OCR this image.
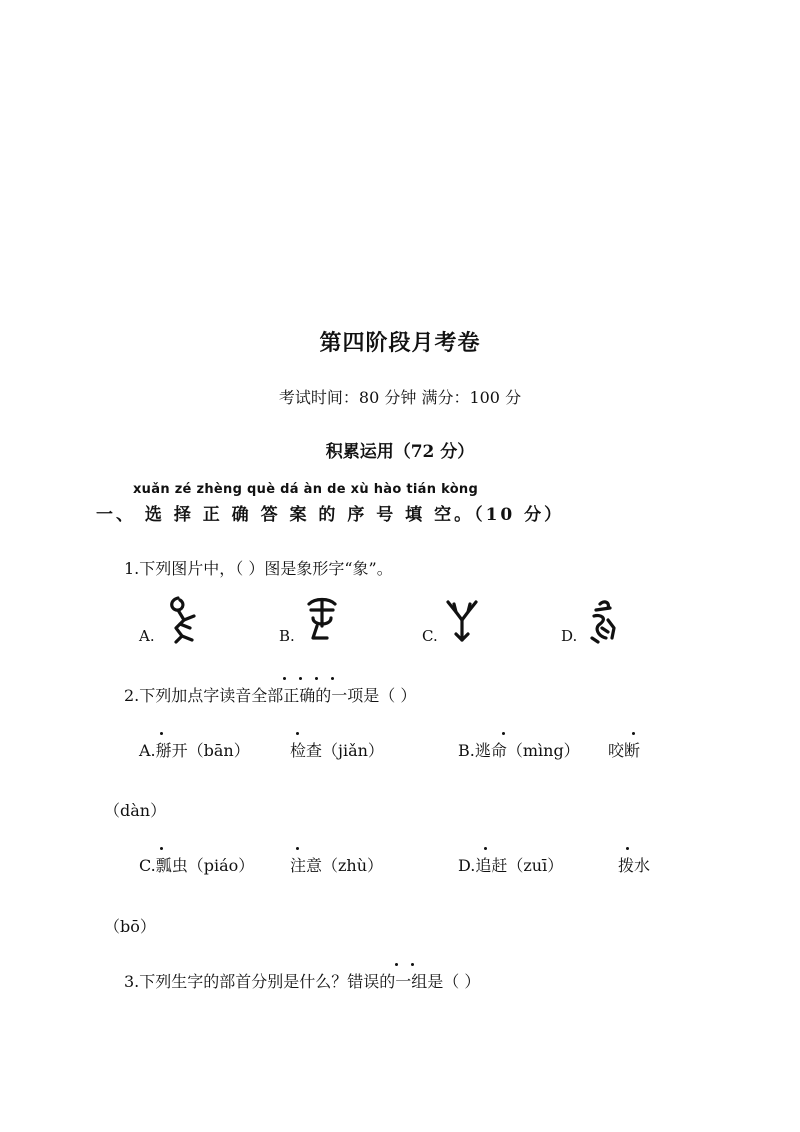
第四阶段月考卷
考试时间：80 分钟 满分：100 分
积累运用（72 分）
xuǎn zé zhèng què dá àn de xù hào tián kòng
一、 选 择 正 确 答 案 的 序 号 填 空。（10 分）
1.下列图片中，（ ）图是象形字“象”。
A.	B.	C.	D.
2.下列加点字读音全部正确的一项是（ ）
A.掰开（bān）	检查（jiǎn）	B.逃命（mìng） 咬断
（dàn）
C.瓢虫（piáo） 注意（zhù）	D.追赶（zuī）	拨水
（bō）
3.下列生字的部首分别是什么？错误的一组是（ ）
